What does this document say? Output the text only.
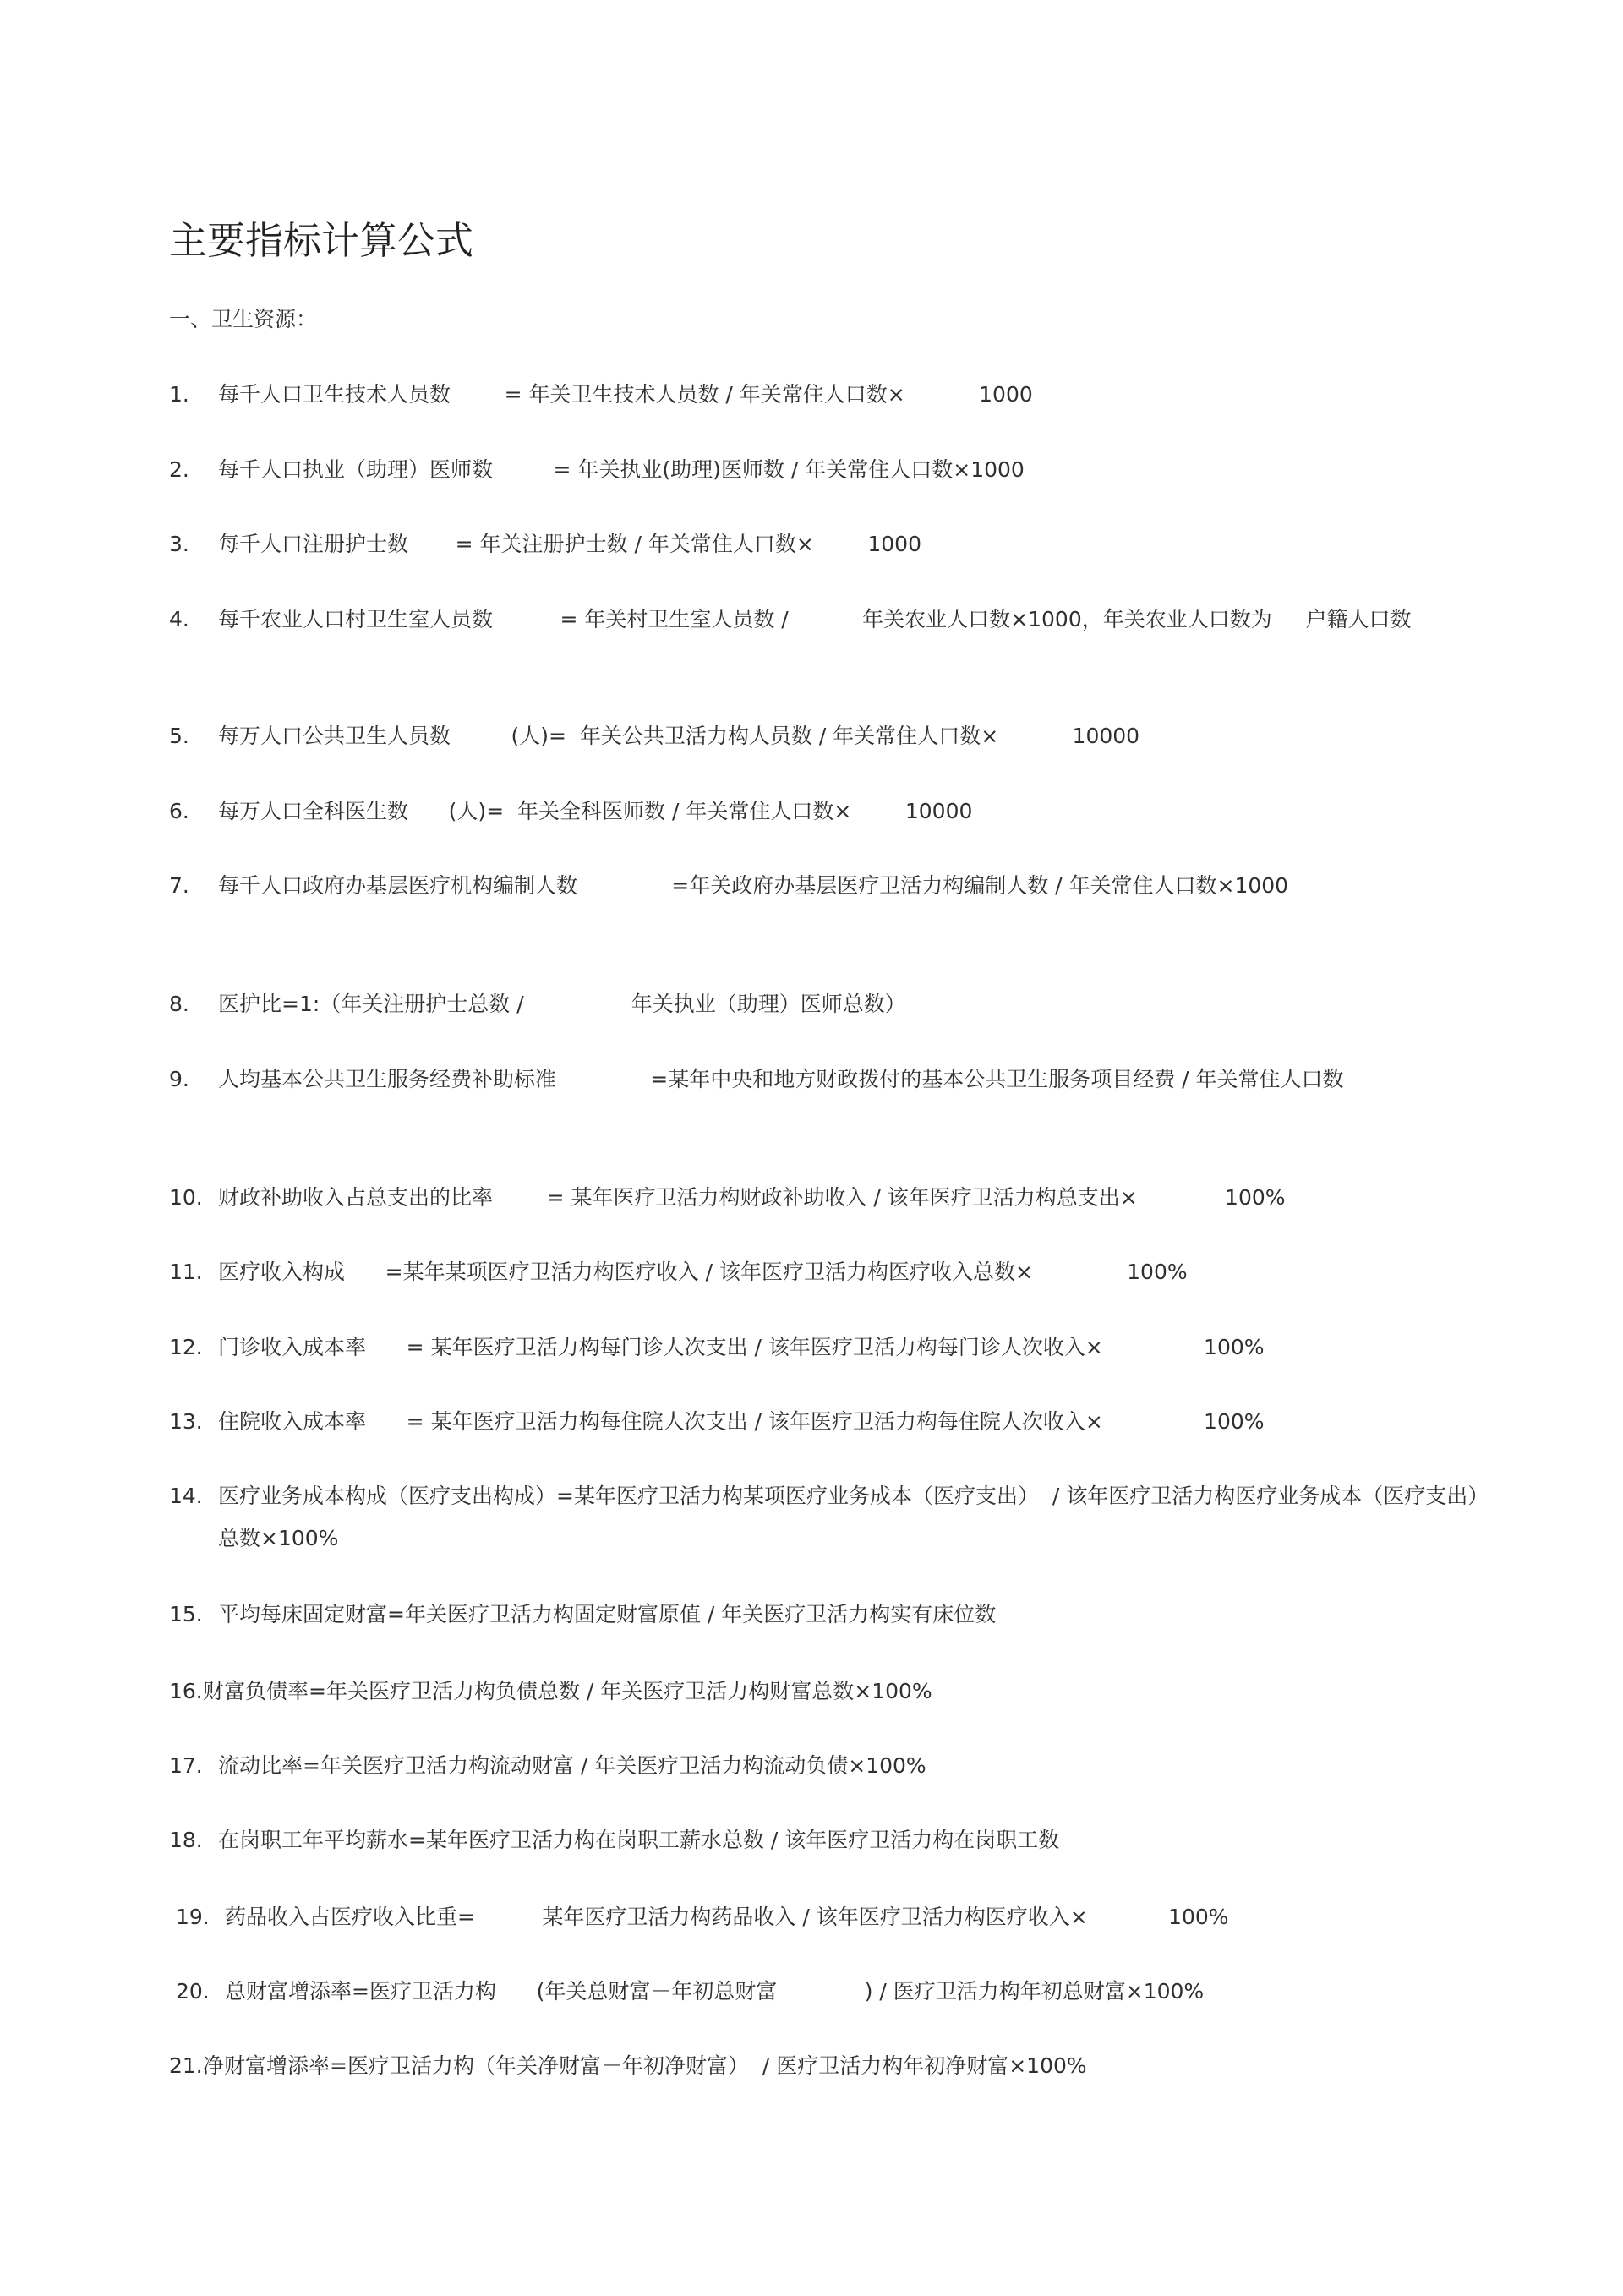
主要指标计算公式
一、卫生资源：
1. 每千人口卫生技术人员数        = 年关卫生技术人员数 / 年关常住人口数×           1000
2. 每千人口执业（助理）医师数         = 年关执业(助理)医师数 / 年关常住人口数×1000
3. 每千人口注册护士数       = 年关注册护士数 / 年关常住人口数×        1000
4. 每千农业人口村卫生室人员数          = 年关村卫生室人员数 /           年关农业人口数×1000，年关农业人口数为     户籍人口数
5. 每万人口公共卫生人员数         (人)=  年关公共卫活力构人员数 / 年关常住人口数×           10000
6. 每万人口全科医生数      (人)=  年关全科医师数 / 年关常住人口数×        10000
7. 每千人口政府办基层医疗机构编制人数              =年关政府办基层医疗卫活力构编制人数 / 年关常住人口数×1000
8. 医护比=1:（年关注册护士总数 /                年关执业（助理）医师总数）
9. 人均基本公共卫生服务经费补助标准              =某年中央和地方财政拨付的基本公共卫生服务项目经费 / 年关常住人口数
10. 财政补助收入占总支出的比率        = 某年医疗卫活力构财政补助收入 / 该年医疗卫活力构总支出×             100%
11. 医疗收入构成      =某年某项医疗卫活力构医疗收入 / 该年医疗卫活力构医疗收入总数×              100%
12. 门诊收入成本率      = 某年医疗卫活力构每门诊人次支出 / 该年医疗卫活力构每门诊人次收入×               100%
13. 住院收入成本率      = 某年医疗卫活力构每住院人次支出 / 该年医疗卫活力构每住院人次收入×               100%
14. 医疗业务成本构成（医疗支出构成）=某年医疗卫活力构某项医疗业务成本（医疗支出）  / 该年医疗卫活力构医疗业务成本（医疗支出）总数×100%
15. 平均每床固定财富=年关医疗卫活力构固定财富原值 / 年关医疗卫活力构实有床位数
16. 财富负债率=年关医疗卫活力构负债总数 / 年关医疗卫活力构财富总数×100%
17. 流动比率=年关医疗卫活力构流动财富 / 年关医疗卫活力构流动负债×100%
18. 在岗职工年平均薪水=某年医疗卫活力构在岗职工薪水总数 / 该年医疗卫活力构在岗职工数
19. 药品收入占医疗收入比重=          某年医疗卫活力构药品收入 / 该年医疗卫活力构医疗收入×            100%
20. 总财富增添率=医疗卫活力构      (年关总财富－年初总财富             ) / 医疗卫活力构年初总财富×100%
21. 净财富增添率=医疗卫活力构（年关净财富－年初净财富）  / 医疗卫活力构年初净财富×100%
